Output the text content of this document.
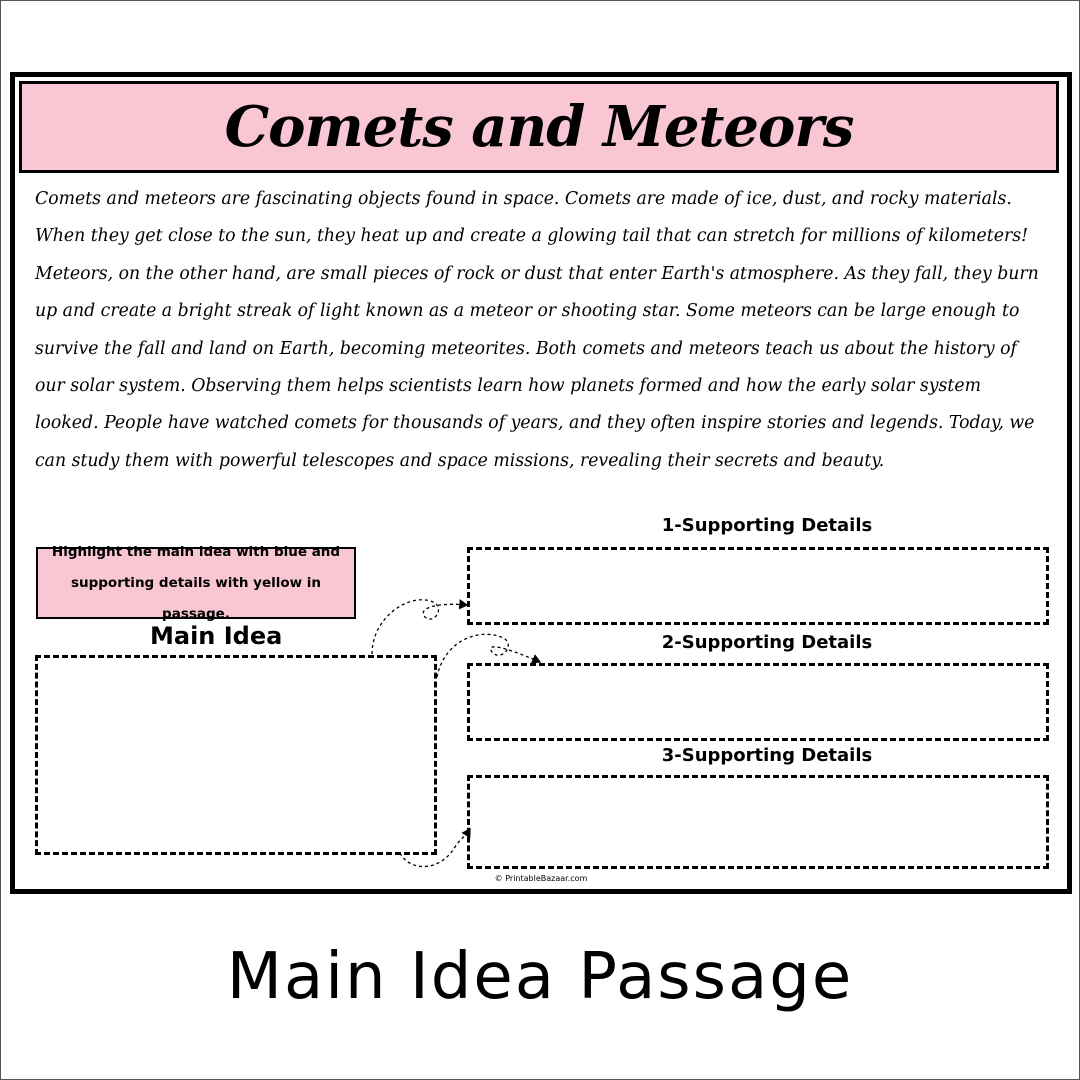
Comets and Meteors

Comets and meteors are fascinating objects found in space. Comets are made of ice, dust, and rocky materials. When they get close to the sun, they heat up and create a glowing tail that can stretch for millions of kilometers! Meteors, on the other hand, are small pieces of rock or dust that enter Earth's atmosphere. As they fall, they burn up and create a bright streak of light known as a meteor or shooting star. Some meteors can be large enough to survive the fall and land on Earth, becoming meteorites. Both comets and meteors teach us about the history of our solar system. Observing them helps scientists learn how planets formed and how the early solar system looked. People have watched comets for thousands of years, and they often inspire stories and legends. Today, we can study them with powerful telescopes and space missions, revealing their secrets and beauty.

Highlight the main idea with blue and supporting details with yellow in passage.
Main Idea
1-Supporting Details
2-Supporting Details
3-Supporting Details
© PrintableBazaar.com
Main Idea Passage
